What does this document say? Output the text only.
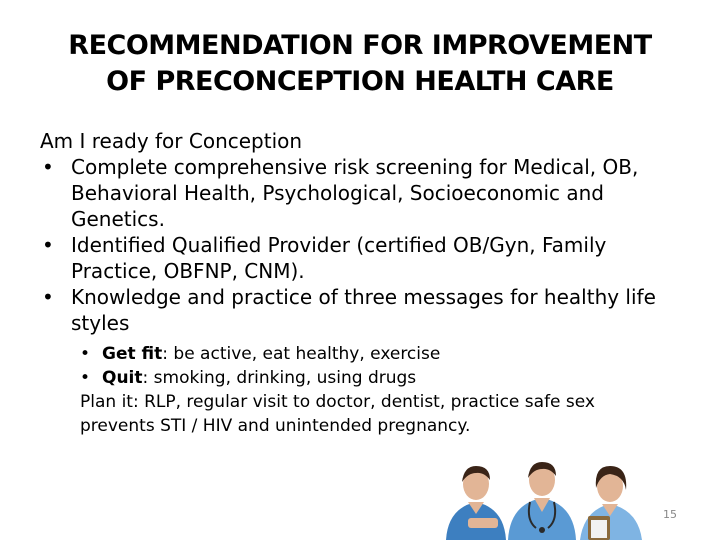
RECOMMENDATION FOR IMPROVEMENT
OF PRECONCEPTION HEALTH CARE

Am I ready for Conception

• Complete comprehensive risk screening for Medical, OB, Behavioral Health, Psychological, Socioeconomic and Genetics.
• Identified Qualified Provider (certified OB/Gyn, Family Practice, OBFNP, CNM).
• Knowledge and practice of three messages for healthy life styles
• Get fit: be active, eat healthy, exercise
• Quit: smoking, drinking, using drugs

Plan it: RLP, regular visit to doctor, dentist, practice safe sex prevents STI / HIV and unintended pregnancy.

15
